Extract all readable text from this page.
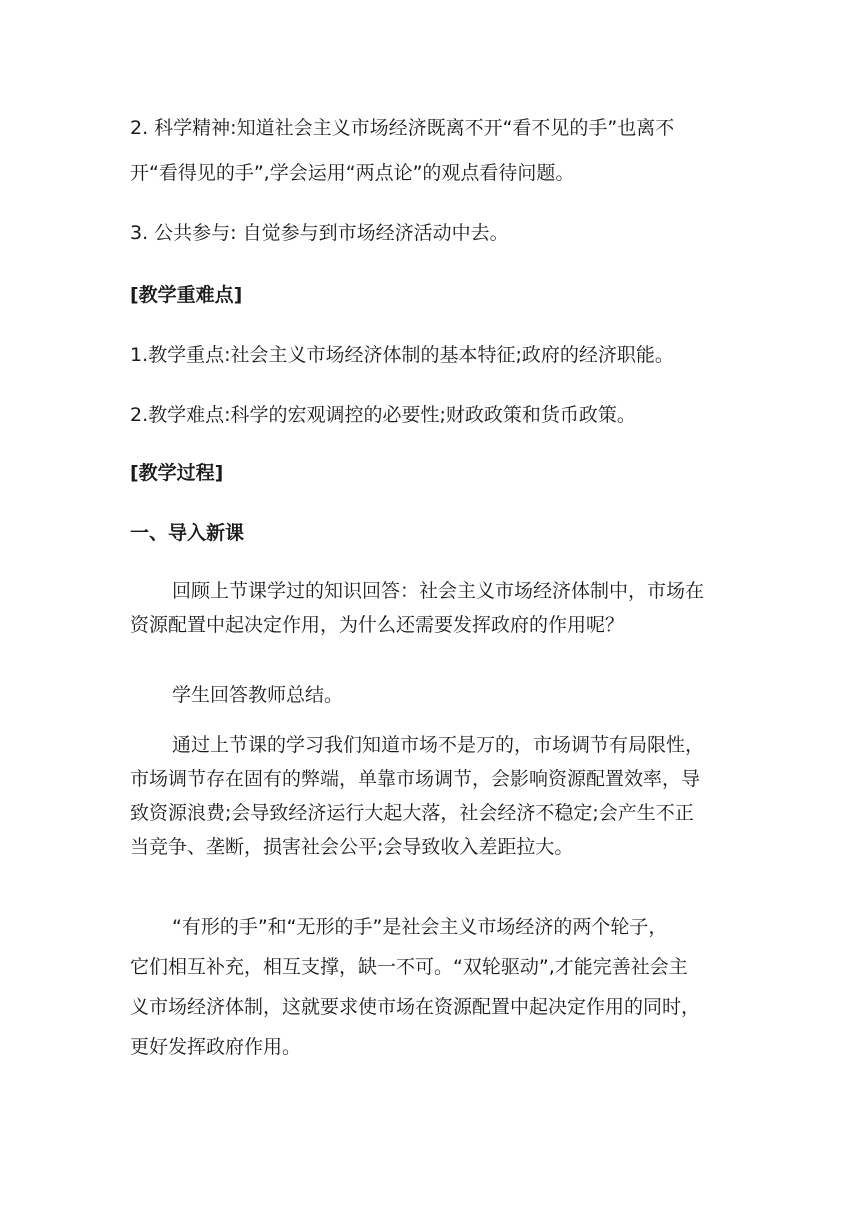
2. 科学精神:知道社会主义市场经济既离不开“看不见的手”也离不
开“看得见的手”,学会运用“两点论”的观点看待问题。
3. 公共参与: 自觉参与到市场经济活动中去。
[教学重难点]
1.教学重点:社会主义市场经济体制的基本特征;政府的经济职能。
2.教学难点:科学的宏观调控的必要性;财政政策和货币政策。
[教学过程]
一、导入新课
回顾上节课学过的知识回答：社会主义市场经济体制中，市场在
资源配置中起决定作用，为什么还需要发挥政府的作用呢？
学生回答教师总结。
通过上节课的学习我们知道市场不是万的，市场调节有局限性，
市场调节存在固有的弊端，单靠市场调节，会影响资源配置效率，导
致资源浪费;会导致经济运行大起大落，社会经济不稳定;会产生不正
当竞争、垄断，损害社会公平;会导致收入差距拉大。
“有形的手”和“无形的手”是社会主义市场经济的两个轮子，
它们相互补充，相互支撑，缺一不可。“双轮驱动”,才能完善社会主
义市场经济体制，这就要求使市场在资源配置中起决定作用的同时，
更好发挥政府作用。
